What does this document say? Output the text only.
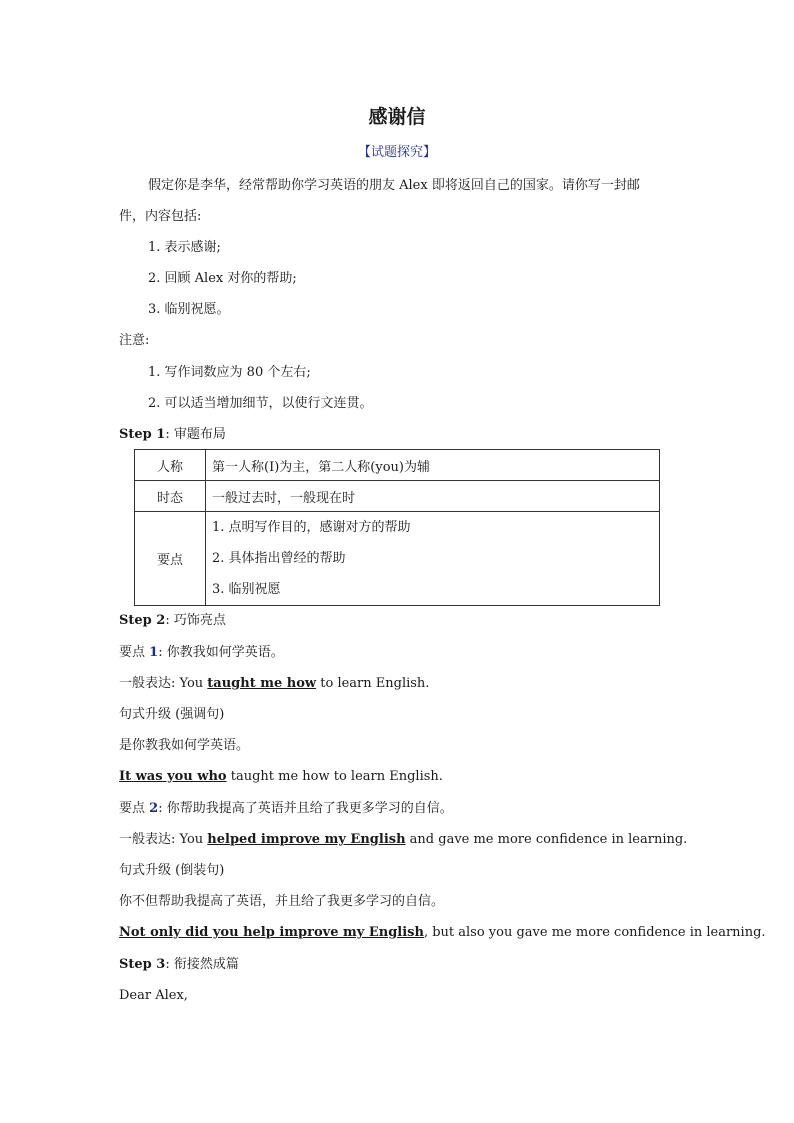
感谢信
【试题探究】
假定你是李华，经常帮助你学习英语的朋友 Alex 即将返回自己的国家。请你写一封邮
件，内容包括:
1. 表示感谢;
2. 回顾 Alex 对你的帮助;
3. 临别祝愿。
注意:
1. 写作词数应为 80 个左右;
2. 可以适当增加细节，以使行文连贯。
Step 1: 审题布局
人称	第一人称(I)为主，第二人称(you)为辅
时态	一般过去时，一般现在时
要点	1. 点明写作目的，感谢对方的帮助
2. 具体指出曾经的帮助
3. 临别祝愿
Step 2: 巧饰亮点
要点 1: 你教我如何学英语。
一般表达: You taught me how to learn English.
句式升级 (强调句)
是你教我如何学英语。
It was you who taught me how to learn English.
要点 2: 你帮助我提高了英语并且给了我更多学习的自信。
一般表达: You helped improve my English and gave me more confidence in learning.
句式升级 (倒装句)
你不但帮助我提高了英语，并且给了我更多学习的自信。
Not only did you help improve my English, but also you gave me more confidence in learning.
Step 3: 衔接然成篇
Dear Alex,
